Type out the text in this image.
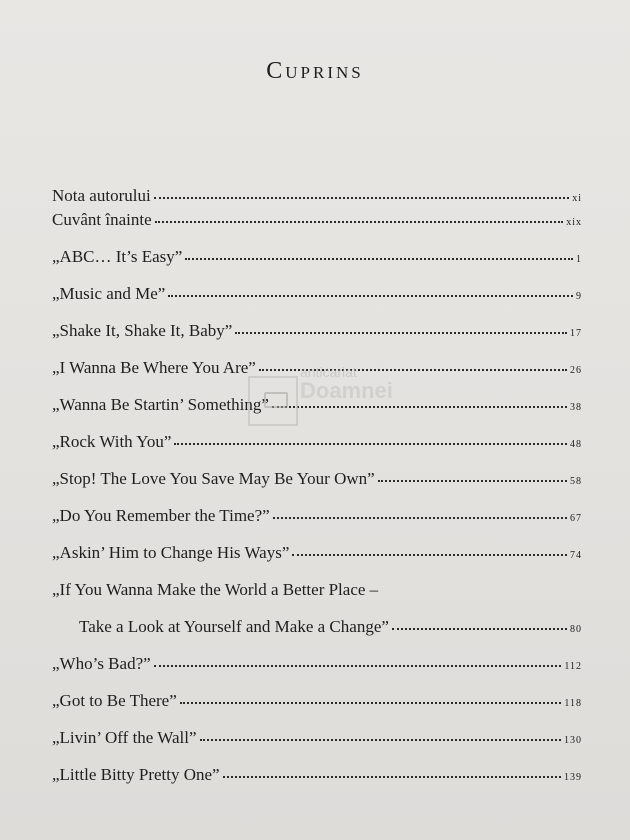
Cuprins
Nota autorului	xi
Cuvânt înainte	xix
„ABC… It’s Easy”	1
„Music and Me”	9
„Shake It, Shake It, Baby”	17
„I Wanna Be Where You Are”	26
„Wanna Be Startin’ Something”	38
„Rock With You”	48
„Stop! The Love You Save May Be Your Own”	58
„Do You Remember the Time?”	67
„Askin’ Him to Change His Ways”	74
„If You Wanna Make the World a Better Place –
Take a Look at Yourself and Make a Change”	80
„Who’s Bad?”	112
„Got to Be There”	118
„Livin’ Off the Wall”	130
„Little Bitty Pretty One”	139
anticariat
Doamnei
